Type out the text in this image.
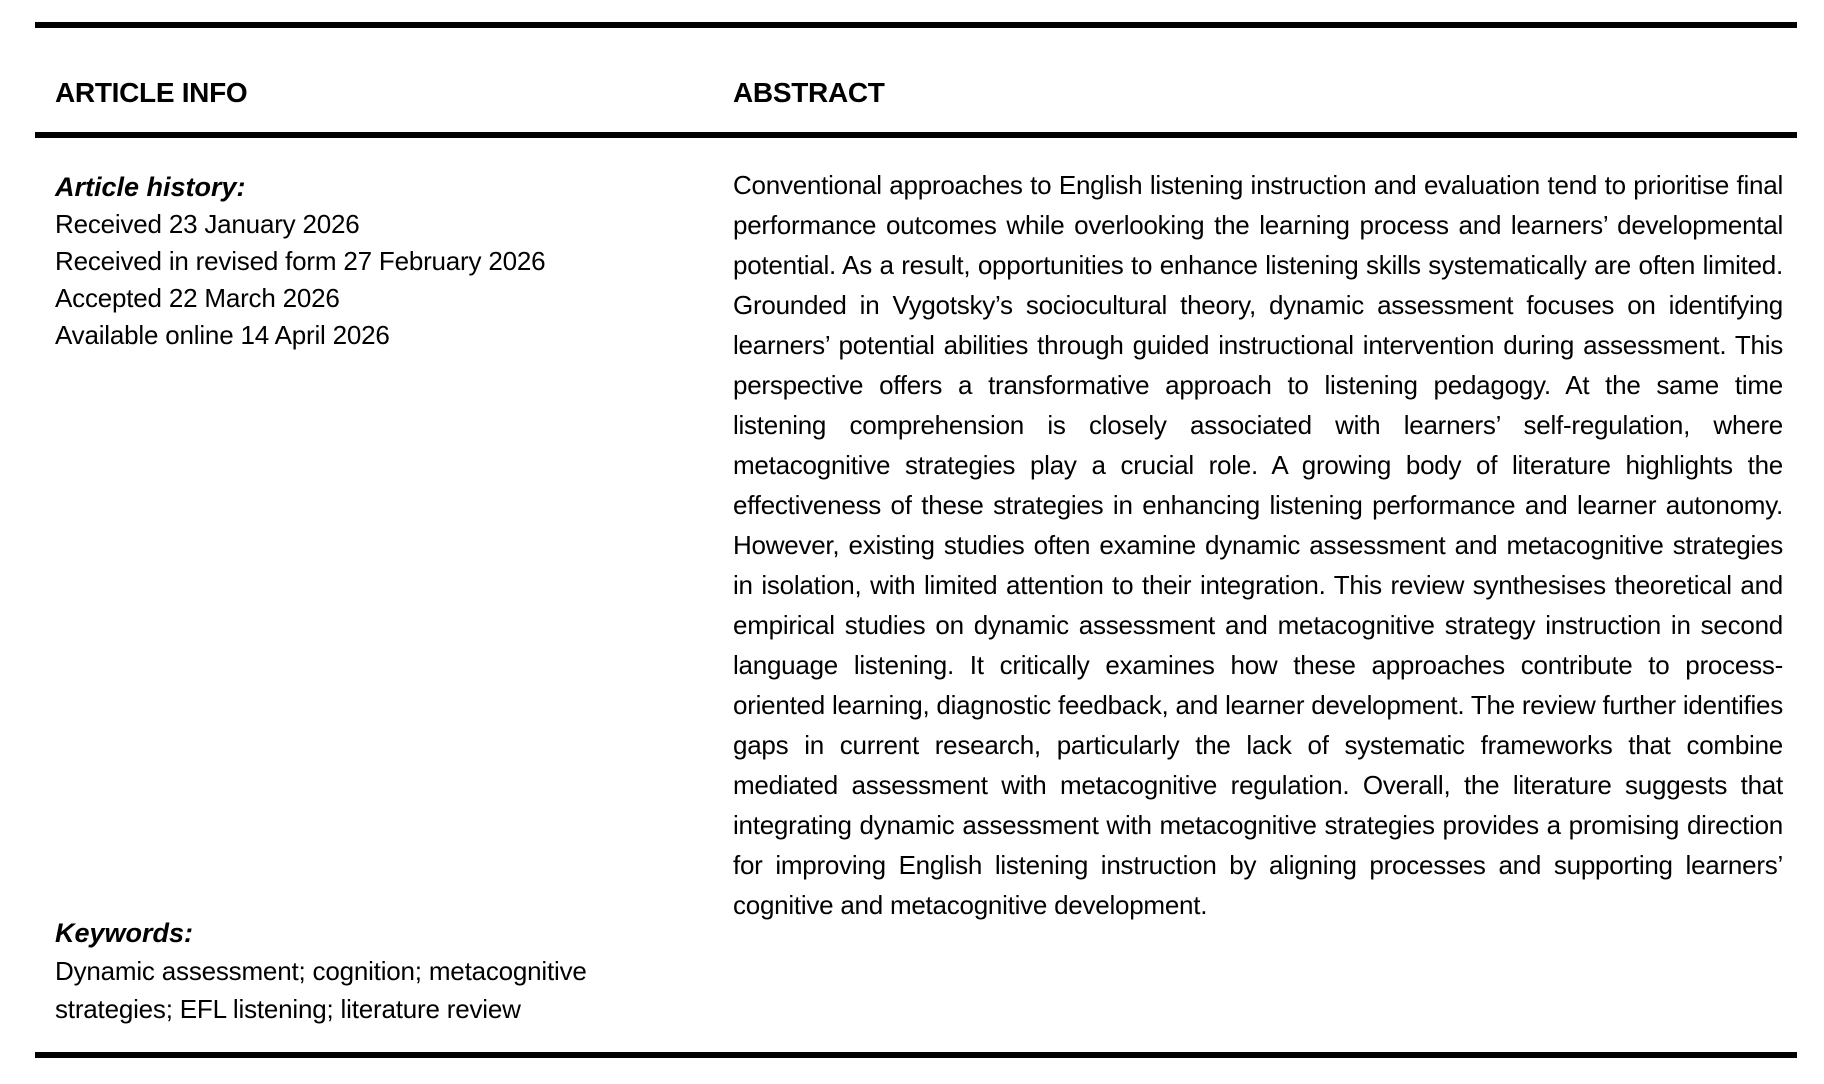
ARTICLE INFO	ABSTRACT
Article history:
Received 23 January 2026
Received in revised form 27 February 2026
Accepted 22 March 2026
Available online 14 April 2026
Keywords:
Dynamic assessment; cognition; metacognitive strategies; EFL listening; literature review
Conventional approaches to English listening instruction and evaluation tend to prioritise final performance outcomes while overlooking the learning process and learners’ developmental potential. As a result, opportunities to enhance listening skills systematically are often limited. Grounded in Vygotsky’s sociocultural theory, dynamic assessment focuses on identifying learners’ potential abilities through guided instructional intervention during assessment. This perspective offers a transformative approach to listening pedagogy. At the same time listening comprehension is closely associated with learners’ self-regulation, where metacognitive strategies play a crucial role. A growing body of literature highlights the effectiveness of these strategies in enhancing listening performance and learner autonomy. However, existing studies often examine dynamic assessment and metacognitive strategies in isolation, with limited attention to their integration. This review synthesises theoretical and empirical studies on dynamic assessment and metacognitive strategy instruction in second language listening. It critically examines how these approaches contribute to process-oriented learning, diagnostic feedback, and learner development. The review further identifies gaps in current research, particularly the lack of systematic frameworks that combine mediated assessment with metacognitive regulation. Overall, the literature suggests that integrating dynamic assessment with metacognitive strategies provides a promising direction for improving English listening instruction by aligning processes and supporting learners’ cognitive and metacognitive development.
